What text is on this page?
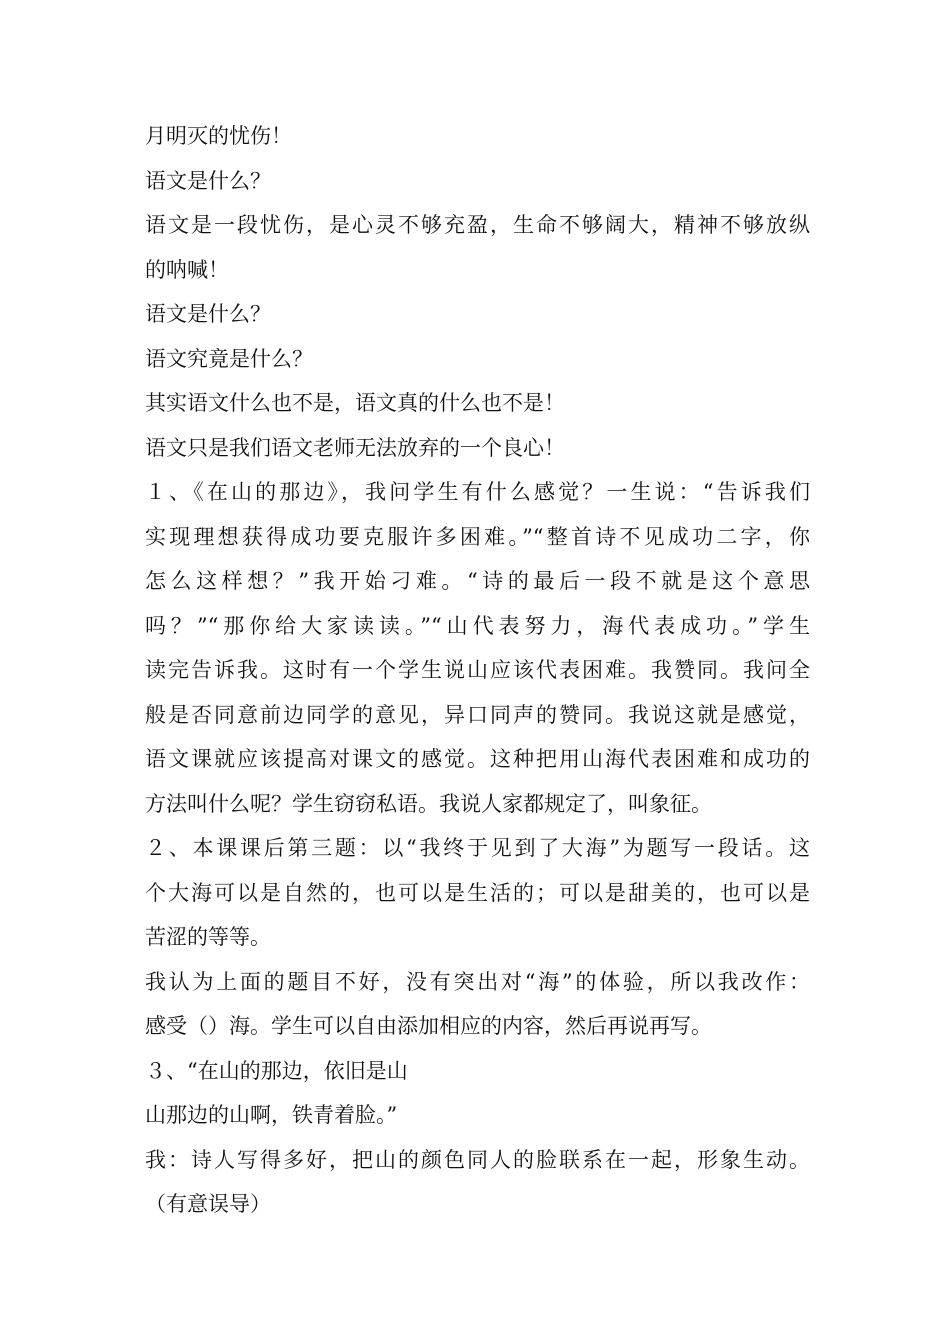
月明灭的忧伤！
语文是什么？
语文是一段忧伤，是心灵不够充盈，生命不够阔大，精神不够放纵
的呐喊！
语文是什么？
语文究竟是什么？
其实语文什么也不是，语文真的什么也不是！
语文只是我们语文老师无法放弃的一个良心！
１、《在山的那边》，我问学生有什么感觉？一生说：“告诉我们
实现理想获得成功要克服许多困难。”“整首诗不见成功二字，你
怎么这样想？”我开始刁难。“诗的最后一段不就是这个意思
吗？”“那你给大家读读。”“山代表努力，海代表成功。”学生
读完告诉我。这时有一个学生说山应该代表困难。我赞同。我问全
般是否同意前边同学的意见，异口同声的赞同。我说这就是感觉，
语文课就应该提高对课文的感觉。这种把用山海代表困难和成功的
方法叫什么呢？学生窃窃私语。我说人家都规定了，叫象征。
２、本课课后第三题：以“我终于见到了大海”为题写一段话。这
个大海可以是自然的，也可以是生活的；可以是甜美的，也可以是
苦涩的等等。
我认为上面的题目不好，没有突出对“海”的体验，所以我改作：
感受（）海。学生可以自由添加相应的内容，然后再说再写。
３、“在山的那边，依旧是山
山那边的山啊，铁青着脸。”
我：诗人写得多好，把山的颜色同人的脸联系在一起，形象生动。
（有意误导）
